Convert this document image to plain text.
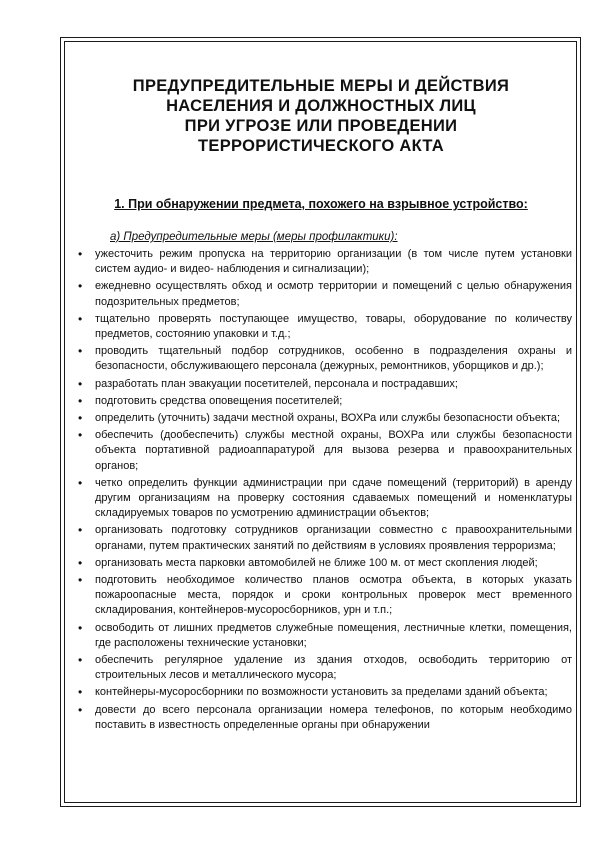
ПРЕДУПРЕДИТЕЛЬНЫЕ МЕРЫ И ДЕЙСТВИЯ
НАСЕЛЕНИЯ И ДОЛЖНОСТНЫХ ЛИЦ
ПРИ УГРОЗЕ ИЛИ ПРОВЕДЕНИИ
ТЕРРОРИСТИЧЕСКОГО АКТА
1. При обнаружении предмета, похожего на взрывное устройство:
а) Предупредительные меры (меры профилактики):
• ужесточить режим пропуска на территорию организации (в том числе путем установки систем аудио- и видео- наблюдения и сигнализации);
• ежедневно осуществлять обход и осмотр территории и помещений с целью обнаружения подозрительных предметов;
• тщательно проверять поступающее имущество, товары, оборудование по количеству предметов, состоянию упаковки и т.д.;
• проводить тщательный подбор сотрудников, особенно в подразделения охраны и безопасности, обслуживающего персонала (дежурных, ремонтников, уборщиков и др.);
• разработать план эвакуации посетителей, персонала и пострадавших;
• подготовить средства оповещения посетителей;
• определить (уточнить) задачи местной охраны, ВОХРа или службы безопасности объекта;
• обеспечить (дообеспечить) службы местной охраны, ВОХРа или службы безопасности объекта портативной радиоаппаратурой для вызова резерва и правоохранительных органов;
• четко определить функции администрации при сдаче помещений (территорий) в аренду другим организациям на проверку состояния сдаваемых помещений и номенклатуры складируемых товаров по усмотрению администрации объектов;
• организовать подготовку сотрудников организации совместно с правоохранительными органами, путем практических занятий по действиям в условиях проявления терроризма;
• организовать места парковки автомобилей не ближе 100 м. от мест скопления людей;
• подготовить необходимое количество планов осмотра объекта, в которых указать пожароопасные места, порядок и сроки контрольных проверок мест временного складирования, контейнеров-мусоросборников, урн и т.п.;
• освободить от лишних предметов служебные помещения, лестничные клетки, помещения, где расположены технические установки;
• обеспечить регулярное удаление из здания отходов, освободить территорию от строительных лесов и металлического мусора;
• контейнеры-мусоросборники по возможности установить за пределами зданий объекта;
• довести до всего персонала организации номера телефонов, по которым необходимо поставить в известность определенные органы при обнаружении
